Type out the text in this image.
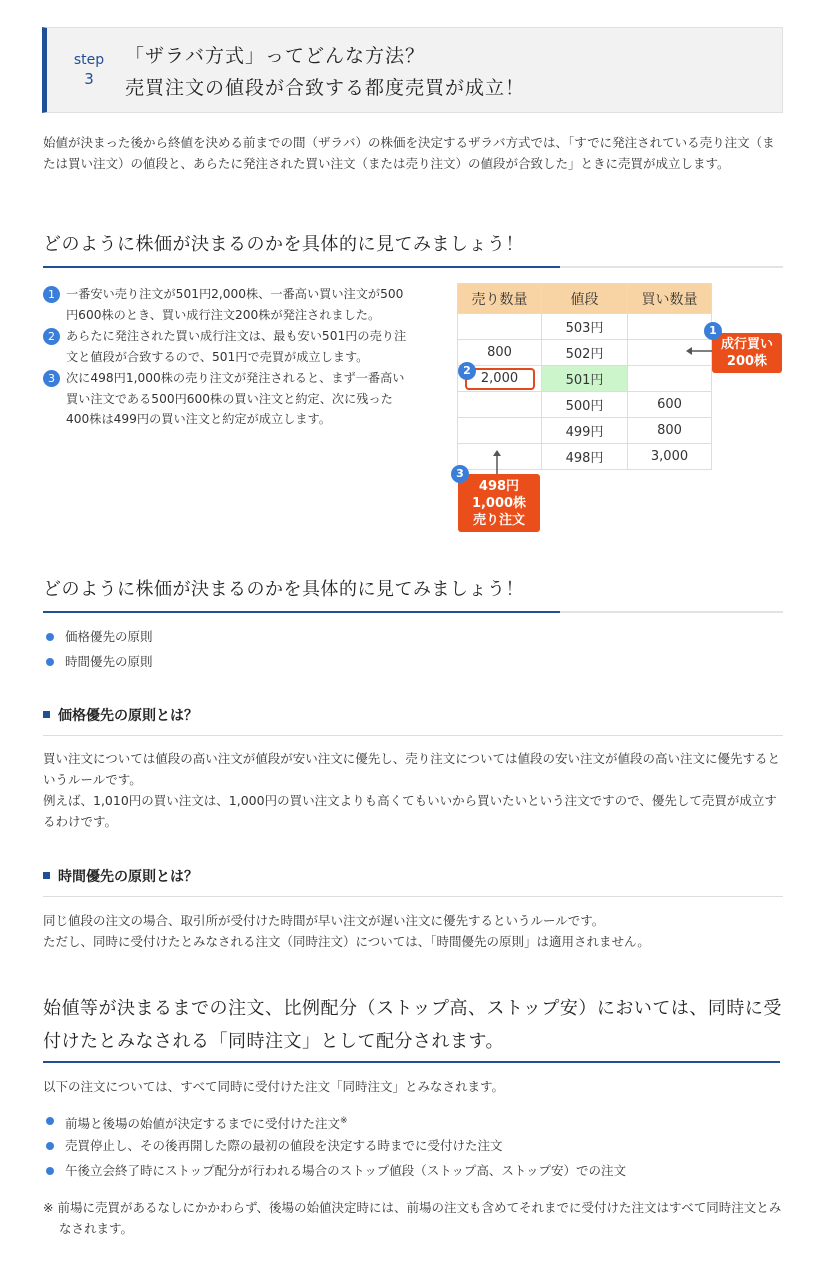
step
3
「ザラバ方式」ってどんな方法？
売買注文の値段が合致する都度売買が成立！

始値が決まった後から終値を決める前までの間（ザラバ）の株価を決定するザラバ方式では、「すでに発注されている売り注文（または買い注文）の値段と、あらたに発注された買い注文（または売り注文）の値段が合致した」ときに売買が成立します。

どのように株価が決まるのかを具体的に見てみましょう！
1 一番安い売り注文が501円2,000株、一番高い買い注文が500円600株のとき、買い成行注文200株が発注されました。
2 あらたに発注された買い成行注文は、最も安い501円の売り注文と値段が合致するので、501円で売買が成立します。
3 次に498円1,000株の売り注文が発注されると、まず一番高い買い注文である500円600株の買い注文と約定、次に残った400株は499円の買い注文と約定が成立します。
売り数量	値段	買い数量
	503円	
800	502円	
2,000	501円	
	500円	600
	499円	800
	498円	3,000
成行買い
200株
1
2
498円
1,000株
売り注文
3
どのように株価が決まるのかを具体的に見てみましょう！
価格優先の原則
時間優先の原則
価格優先の原則とは？

買い注文については値段の高い注文が値段が安い注文に優先し、売り注文については値段の安い注文が値段の高い注文に優先するというルールです。

例えば、1,010円の買い注文は、1,000円の買い注文よりも高くてもいいから買いたいという注文ですので、優先して売買が成立するわけです。

時間優先の原則とは？

同じ値段の注文の場合、取引所が受付けた時間が早い注文が遅い注文に優先するというルールです。

ただし、同時に受付けたとみなされる注文（同時注文）については、「時間優先の原則」は適用されません。

始値等が決まるまでの注文、比例配分（ストップ高、ストップ安）においては、同時に受付けたとみなされる「同時注文」として配分されます。

以下の注文については、すべて同時に受付けた注文「同時注文」とみなされます。

前場と後場の始値が決定するまでに受付けた注文※
売買停止し、その後再開した際の最初の値段を決定する時までに受付けた注文
午後立会終了時にストップ配分が行われる場合のストップ値段（ストップ高、ストップ安）での注文

※ 前場に売買があるなしにかかわらず、後場の始値決定時には、前場の注文も含めてそれまでに受付けた注文はすべて同時注文とみなされます。
